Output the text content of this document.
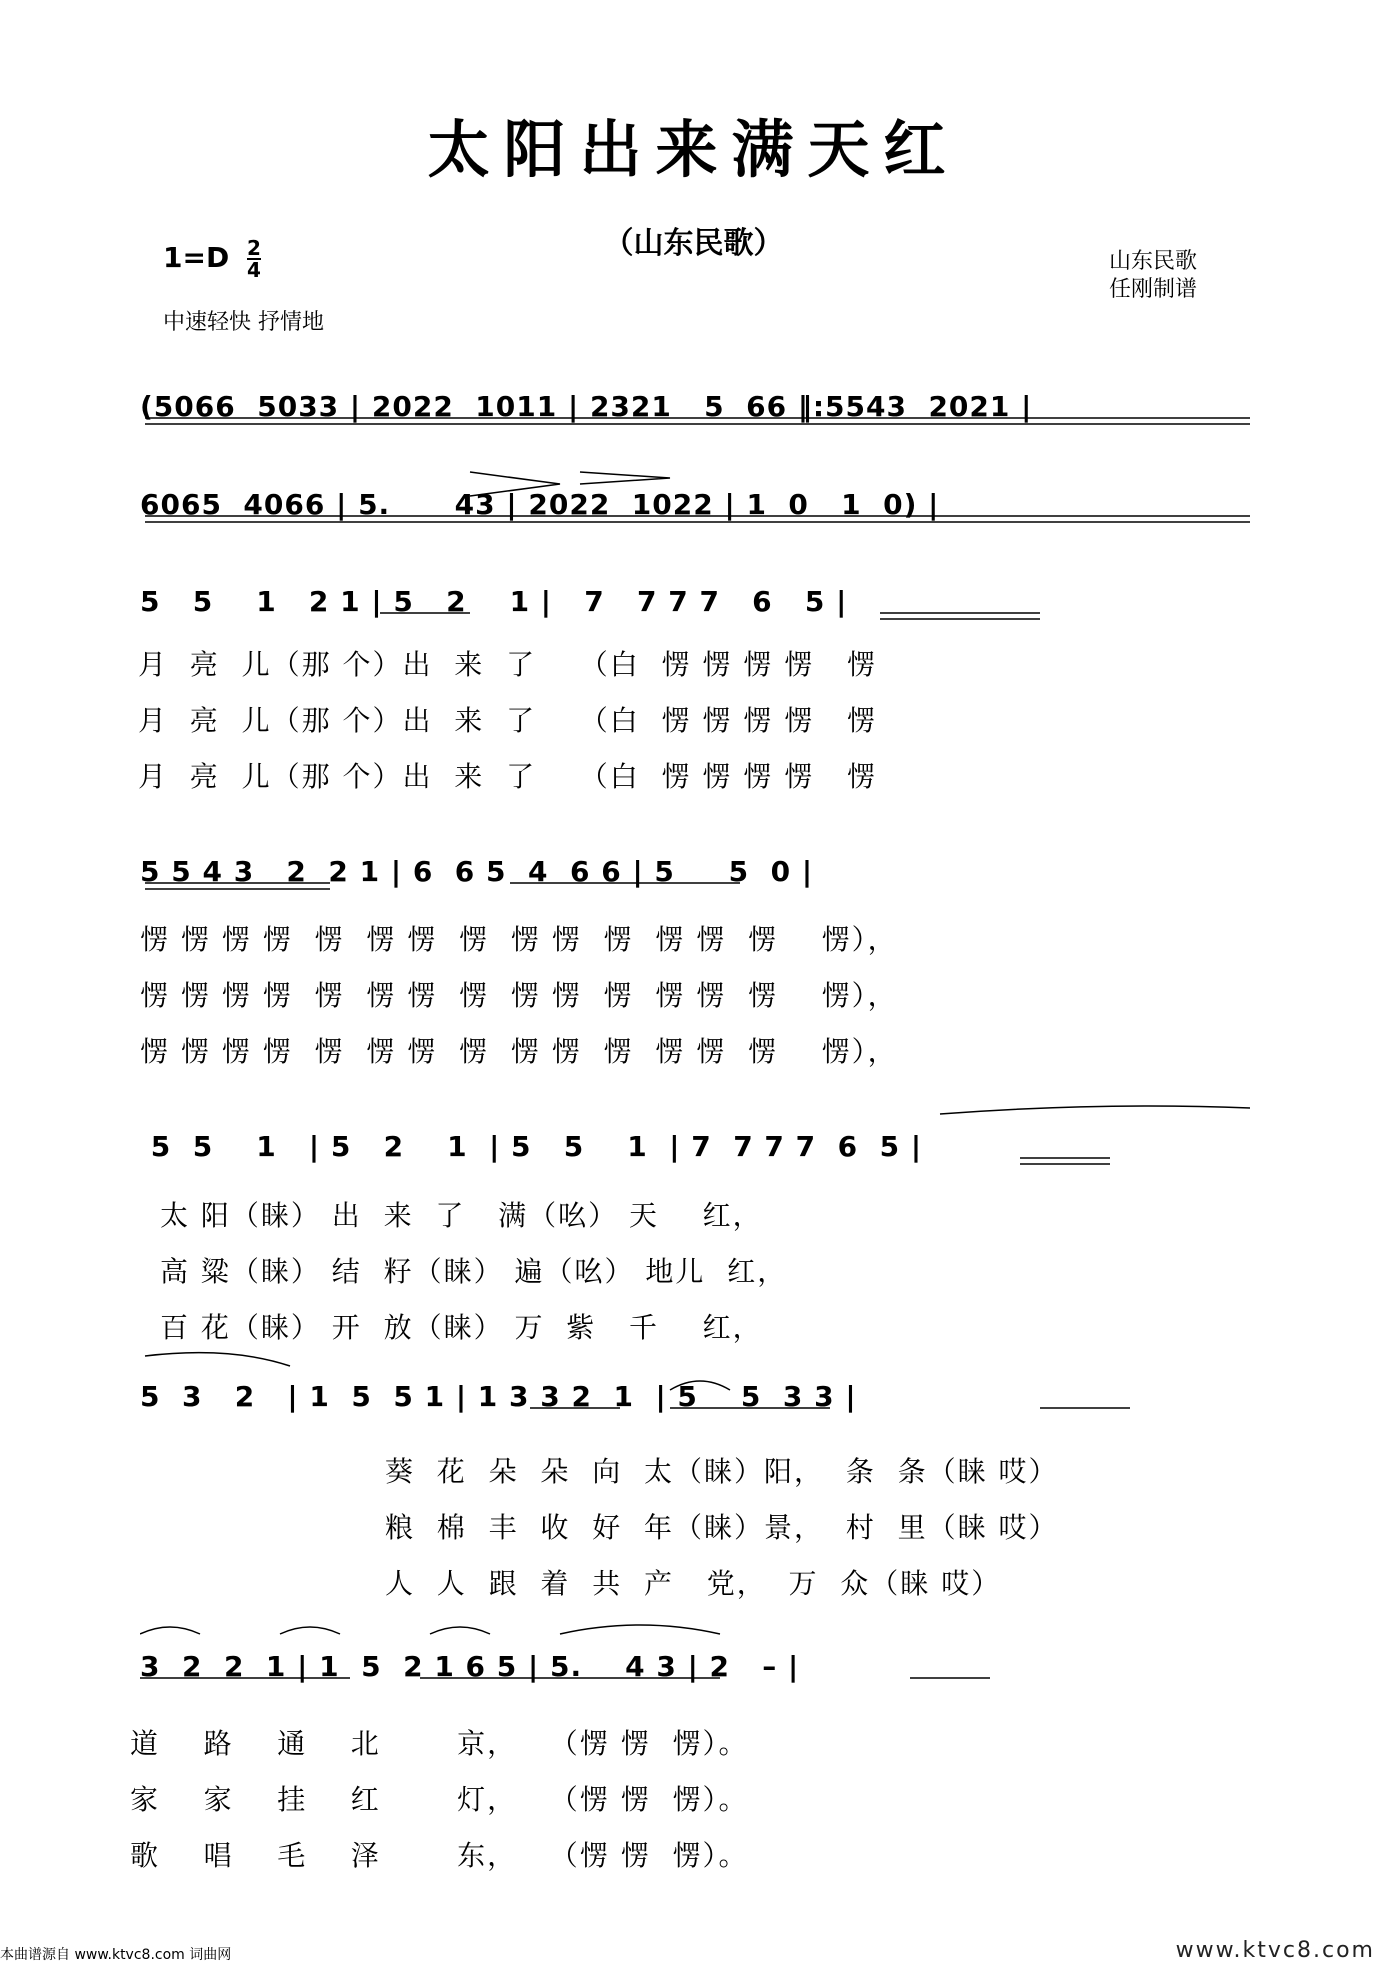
太阳出来满天红
（山东民歌）
$1=D \frac{2}{4}$
中速轻快 抒情地
山东民歌
任刚制谱
(5066  5033 | 2022  1011 | 2321   5  66 ‖:5543  2021 |
6065  4066 | 5.      43 | 2022  1022 | 1  0   1  0) |
5   5    1   2 1 | 5   2    1 |   7   7 7 7   6   5 |
月  亮  儿（那 个）出  来  了    （白  愣 愣 愣 愣   愣
月  亮  儿（那 个）出  来  了    （白  愣 愣 愣 愣   愣
月  亮  儿（那 个）出  来  了    （白  愣 愣 愣 愣   愣
5 5 4 3   2  2 1 | 6  6 5  4  6 6 | 5     5  0 |
愣 愣 愣 愣  愣  愣 愣  愣  愣 愣  愣  愣 愣  愣    愣），
愣 愣 愣 愣  愣  愣 愣  愣  愣 愣  愣  愣 愣  愣    愣），
愣 愣 愣 愣  愣  愣 愣  愣  愣 愣  愣  愣 愣  愣    愣），
5  5    1   | 5   2    1  | 5   5    1  | 7  7 7 7  6  5 |
太 阳（睐） 出  来  了   满（吆） 天    红，
高 粱（睐） 结  籽（睐） 遍（吆） 地儿  红，
百 花（睐） 开  放（睐） 万  紫   千    红，
5  3   2   | 1  5  5 1 | 1 3 3 2  1  | 5    5  3 3 |
葵  花  朵  朵  向  太（睐）阳，  条  条（睐 哎）
粮  棉  丰  收  好  年（睐）景，  村  里（睐 哎）
人  人  跟  着  共  产   党，  万  众（睐 哎）
3  2  2  1 | 1  5  2 1 6 5 | 5.    4 3 | 2   – |
道    路    通    北       京，   （愣 愣  愣）。
家    家    挂    红       灯，   （愣 愣  愣）。
歌    唱    毛    泽       东，   （愣 愣  愣）。
本曲谱源自 www.ktvc8.com 词曲网	www.ktvc8.com
